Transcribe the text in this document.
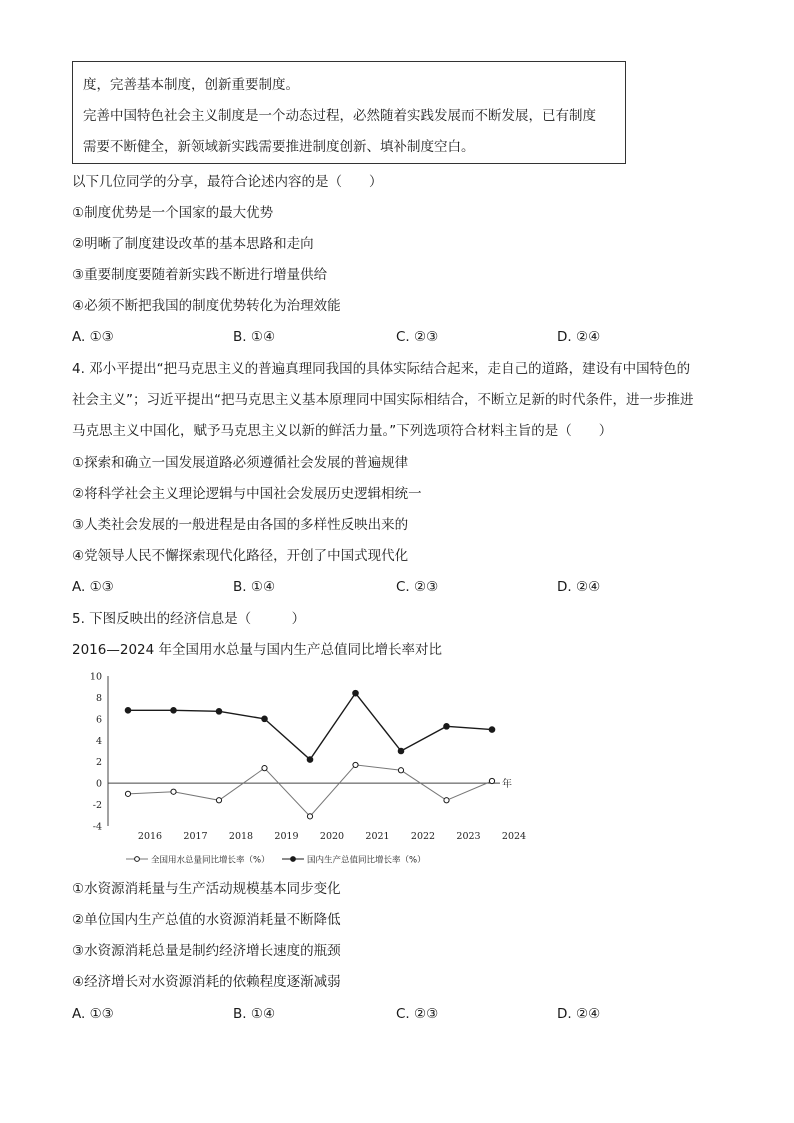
度，完善基本制度，创新重要制度。

完善中国特色社会主义制度是一个动态过程，必然随着实践发展而不断发展，已有制度

需要不断健全，新领域新实践需要推进制度创新、填补制度空白。

以下几位同学的分享，最符合论述内容的是（　　）
①制度优势是一个国家的最大优势
②明晰了制度建设改革的基本思路和走向
③重要制度要随着新实践不断进行增量供给
④必须不断把我国的制度优势转化为治理效能
A. ①③	B. ①④	C. ②③	D. ②④
4. 邓小平提出“把马克思主义的普遍真理同我国的具体实际结合起来，走自己的道路，建设有中国特色的
社会主义”；习近平提出“把马克思主义基本原理同中国实际相结合，不断立足新的时代条件，进一步推进
马克思主义中国化，赋予马克思主义以新的鲜活力量。”下列选项符合材料主旨的是（　　）
①探索和确立一国发展道路必须遵循社会发展的普遍规律
②将科学社会主义理论逻辑与中国社会发展历史逻辑相统一
③人类社会发展的一般进程是由各国的多样性反映出来的
④党领导人民不懈探索现代化路径，开创了中国式现代化
A. ①③	B. ①④	C. ②③	D. ②④
5. 下图反映出的经济信息是（　　　）
2016—2024 年全国用水总量与国内生产总值同比增长率对比
10
8
6
4
2
0
-2
-4
年
2016 2017 2018 2019 2020 2021 2022 2023 2024
全国用水总量同比增长率（%）	国内生产总值同比增长率（%）
①水资源消耗量与生产活动规模基本同步变化
②单位国内生产总值的水资源消耗量不断降低
③水资源消耗总量是制约经济增长速度的瓶颈
④经济增长对水资源消耗的依赖程度逐渐减弱
A. ①③	B. ①④	C. ②③	D. ②④
